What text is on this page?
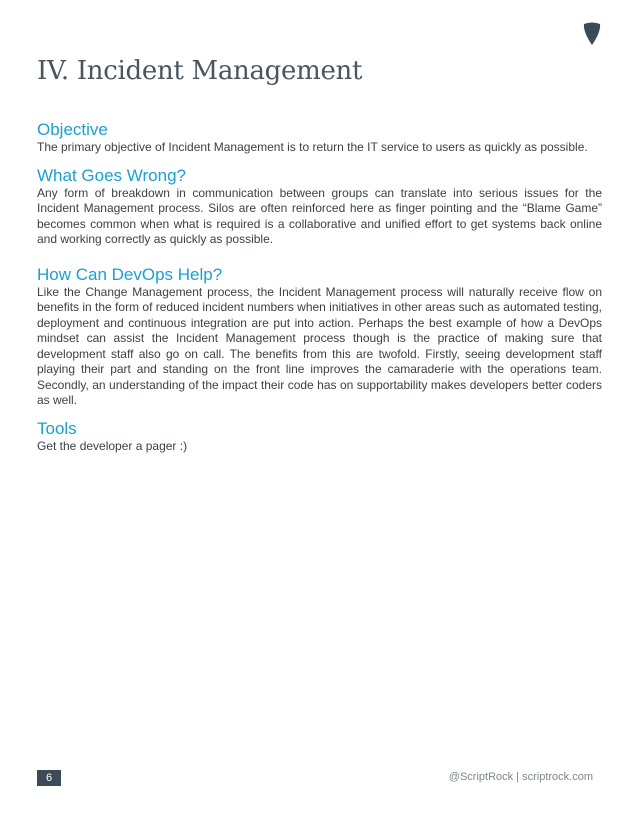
IV. Incident Management
Objective

The primary objective of Incident Management is to return the IT service to users as quickly as possible.

What Goes Wrong?

Any form of breakdown in communication between groups can translate into serious issues for the Incident Management process. Silos are often reinforced here as finger pointing and the “Blame Game” becomes common when what is required is a collaborative and unified effort to get systems back online and working correctly as quickly as possible.

How Can DevOps Help?

Like the Change Management process, the Incident Management process will naturally receive flow on benefits in the form of reduced incident numbers when initiatives in other areas such as automated testing, deployment and continuous integration are put into action. Perhaps the best example of how a DevOps mindset can assist the Incident Management process though is the practice of making sure that development staff also go on call. The benefits from this are twofold. Firstly, seeing development staff playing their part and standing on the front line improves the camaraderie with the operations team. Secondly, an understanding of the impact their code has on supportability makes developers better coders as well.

Tools

Get the developer a pager :)

6	@ScriptRock | scriptrock.com
